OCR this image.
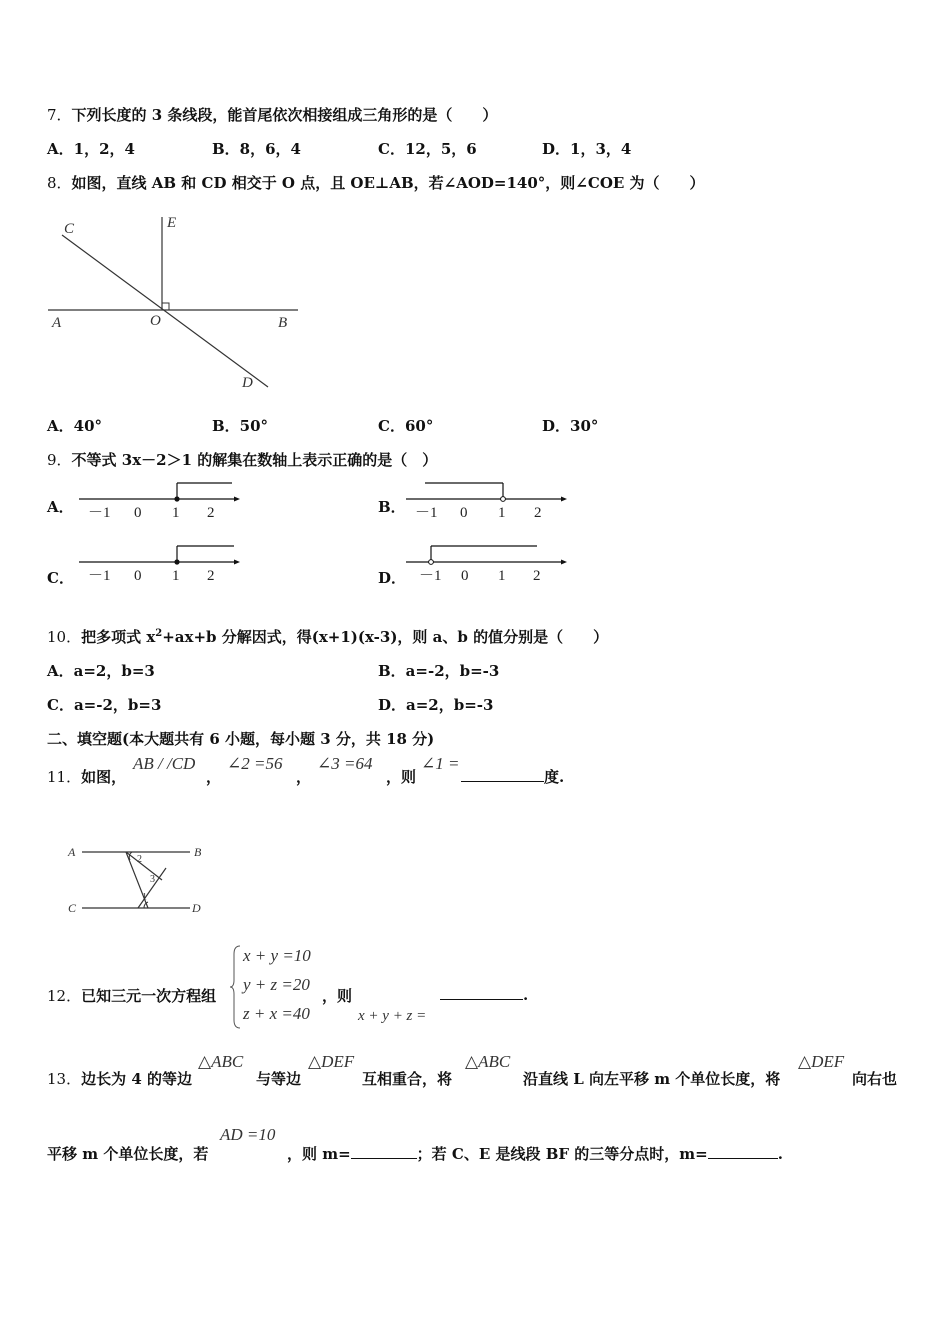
7．下列长度的 3 条线段，能首尾依次相接组成三角形的是（　　）
A．1，2，4	B．8，6，4	C．12，5，6	D．1，3，4
8．如图，直线 AB 和 CD 相交于 O 点，且 OE⊥AB，若∠AOD=140°，则∠COE 为（　　）
C	E
A	O	B
D
A．40°	B．50°	C．60°	D．30°
9．不等式 3x－2＞1 的解集在数轴上表示正确的是（　）
A． －1 0 1 2	B． －1 0 1 2
C． －1 0 1 2	D． －1 0 1 2
10．把多项式 $x^2+ax+b$ 分解因式，得(x+1)(x-3)，则 a、b 的值分别是（　　）
A．a=2，b=3	B．a=-2，b=-3
C．a=-2，b=3	D．a=2，b=-3
二、填空题(本大题共有 6 小题，每小题 3 分，共 18 分)
11．如图，
AB / /CD
，
∠2 =56
，
∠3 =64
，则
∠1 =
度.
A	B
C	D
2
3
1
12．已知三元一次方程组
x + y =10
y + z =20
z + x =40
，则
x + y + z =
.
13．边长为 4 的等边
△ABC
与等边
△DEF
互相重合，将
△ABC
沿直线 L 向左平移 m 个单位长度，将
△DEF
向右也
平移 m 个单位长度，若
AD =10
，则 m=	；若 C、E 是线段 BF 的三等分点时，m=	.
